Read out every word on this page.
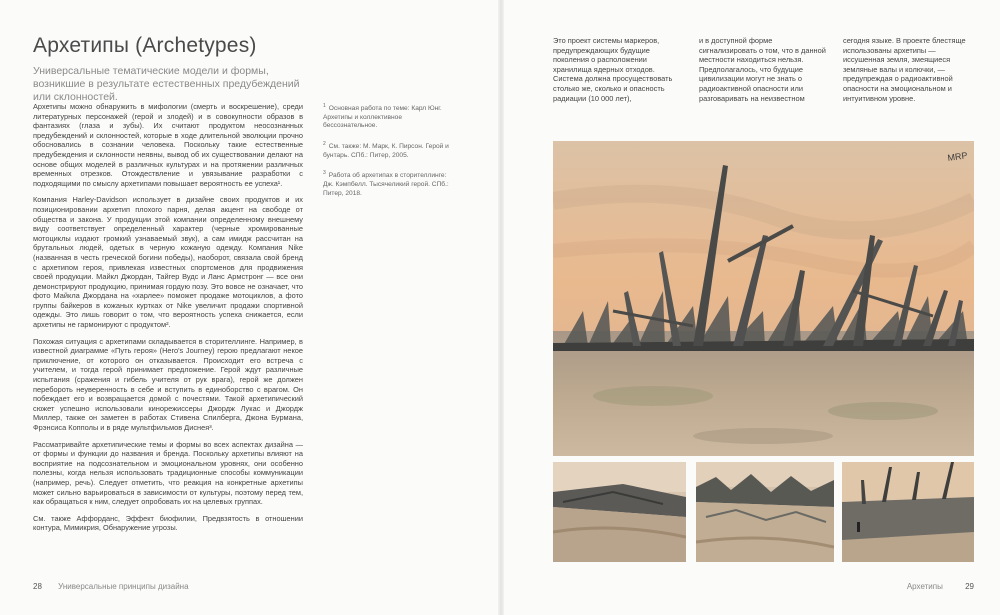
Архетипы (Archetypes)
Универсальные тематические модели и формы, возникшие в результате естественных предубеждений или склонностей.

Архетипы можно обнаружить в мифологии (смерть и воскрешение), среди литературных персонажей (герой и злодей) и в совокупности образов в фантазиях (глаза и зубы). Их считают продуктом неосознанных предубеждений и склонностей, которые в ходе длительной эволюции прочно обосновались в сознании человека. Поскольку такие естественные предубеждения и склонности неявны, вывод об их существовании делают на основе общих моделей в различных культурах и на протяжении различных временных отрезков. Отождествление и увязывание разработки с подходящими по смыслу архетипами повышает вероятность ее успеха¹.

Компания Harley-Davidson использует в дизайне своих продуктов и их позиционировании архетип плохого парня, делая акцент на свободе от общества и закона. У продукции этой компании определенному внешнему виду соответствует определенный характер (черные хромированные мотоциклы издают громкий узнаваемый звук), а сам имидж рассчитан на брутальных людей, одетых в черную кожаную одежду. Компания Nike (названная в честь греческой богини победы), наоборот, связала свой бренд с архетипом героя, привлекая известных спортсменов для продвижения своей продукции. Майкл Джордан, Тайгер Вудс и Ланс Армстронг — все они демонстрируют продукцию, принимая гордую позу. Это вовсе не означает, что фото Майкла Джордана на «харлее» поможет продаже мотоциклов, а фото группы байкеров в кожаных куртках от Nike увеличит продажи спортивной одежды. Это лишь говорит о том, что вероятность успеха снижается, если архетипы не гармонируют с продуктом².

Похожая ситуация с архетипами складывается в сторителлинге. Например, в известной диаграмме «Путь героя» (Hero's Journey) герою предлагают некое приключение, от которого он отказывается. Происходит его встреча с учителем, и тогда герой принимает предложение. Герой ждут различные испытания (сражения и гибель учителя от рук врага), герой же должен перебороть неуверенность в себе и вступить в единоборство с врагом. Он побеждает его и возвращается домой с почестями. Такой архетипический сюжет успешно использовали кинорежиссеры Джордж Лукас и Джордж Миллер, также он заметен в работах Стивена Спилберга, Джона Бурмана, Фрэнсиса Копполы и в ряде мультфильмов Диснея³.

Рассматривайте архетипические темы и формы во всех аспектах дизайна — от формы и функции до названия и бренда. Поскольку архетипы влияют на восприятие на подсознательном и эмоциональном уровнях, они особенно полезны, когда нельзя использовать традиционные способы коммуникации (например, речь). Следует отметить, что реакция на конкретные архетипы может сильно варьироваться в зависимости от культуры, поэтому перед тем, как обращаться к ним, следует опробовать их на целевых группах.

См. также Аффорданс, Эффект биофилии, Предвзятость в отношении контура, Мимикрия, Обнаружение угрозы.

$^1$ Основная работа по теме: Карл Юнг. Архетипы и коллективное бессознательное.

$^2$ См. также: М. Марк, К. Пирсон. Герой и бунтарь. СПб.: Питер, 2005.

$^3$ Работа об архетипах в сторителлинге: Дж. Кэмпбелл. Тысячеликий герой. СПб.: Питер, 2018.

28 Универсальные принципы дизайна
Это проект системы маркеров, предупреждающих будущие поколения о расположении хранилища ядерных отходов. Система должна просуществовать столько же, сколько и опасность радиации (10 000 лет),
и в доступной форме сигнализировать о том, что в данной местности находиться нельзя. Предполагалось, что будущие цивилизации могут не знать о радиоактивной опасности или разговаривать на неизвестном
сегодня языке. В проекте блестяще использованы архетипы — иссушенная земля, змеящиеся земляные валы и колючки, — предупреждая о радиоактивной опасности на эмоциональном и интуитивном уровне.
MRP
Архетипы	29
